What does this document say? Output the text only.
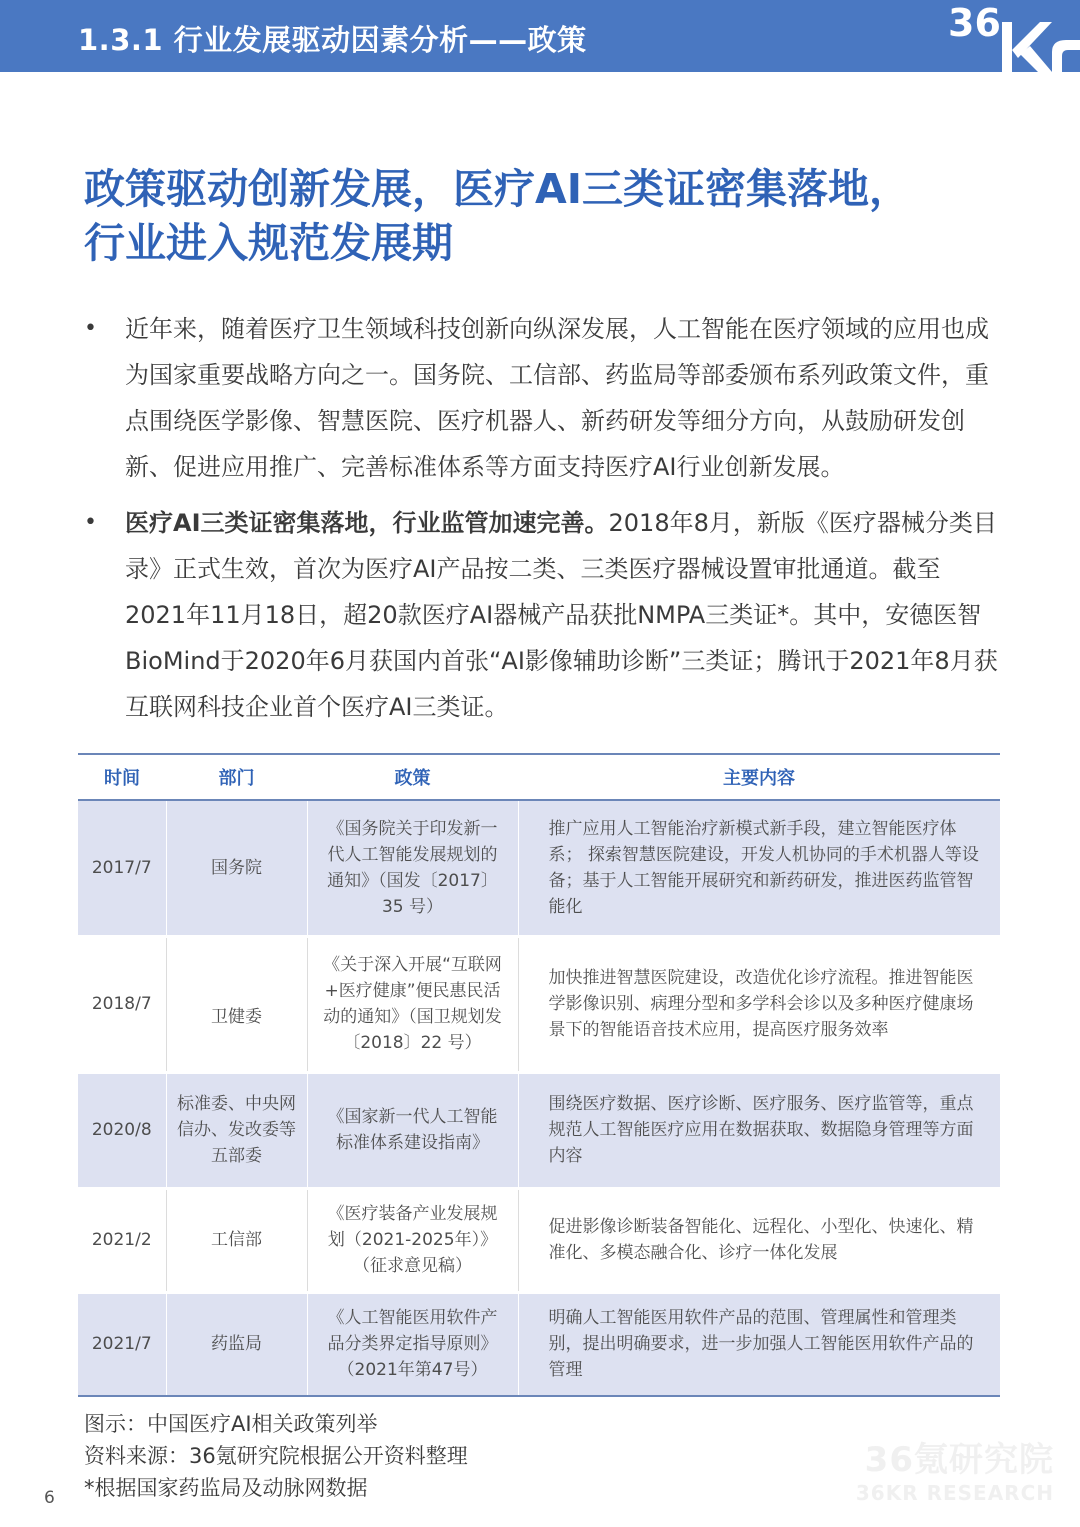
1.3.1 行业发展驱动因素分析——政策	36
政策驱动创新发展，医疗AI三类证密集落地，
行业进入规范发展期
• 近年来，随着医疗卫生领域科技创新向纵深发展，人工智能在医疗领域的应用也成为国家重要战略方向之一。国务院、工信部、药监局等部委颁布系列政策文件，重点围绕医学影像、智慧医院、医疗机器人、新药研发等细分方向，从鼓励研发创新、促进应用推广、完善标准体系等方面支持医疗AI行业创新发展。
• 医疗AI三类证密集落地，行业监管加速完善。2018年8月，新版《医疗器械分类目录》正式生效，首次为医疗AI产品按二类、三类医疗器械设置审批通道。截至2021年11月18日，超20款医疗AI器械产品获批NMPA三类证*。其中，安德医智BioMind于2020年6月获国内首张“AI影像辅助诊断”三类证；腾讯于2021年8月获互联网科技企业首个医疗AI三类证。
时间	部门	政策	主要内容
2017/7	国务院	《国务院关于印发新一代人工智能发展规划的通知》（国发〔2017〕35 号）	推广应用人工智能治疗新模式新手段，建立智能医疗体系； 探索智慧医院建设，开发人机协同的手术机器人等设备；基于人工智能开展研究和新药研发，推进医药监管智能化
2018/7	卫健委	《关于深入开展“互联网+医疗健康”便民惠民活动的通知》（国卫规划发〔2018〕22 号）	加快推进智慧医院建设，改造优化诊疗流程。推进智能医学影像识别、病理分型和多学科会诊以及多种医疗健康场景下的智能语音技术应用，提高医疗服务效率
2020/8	标准委、中央网信办、发改委等五部委	《国家新一代人工智能标准体系建设指南》	围绕医疗数据、医疗诊断、医疗服务、医疗监管等，重点规范人工智能医疗应用在数据获取、数据隐身管理等方面内容
2021/2	工信部	《医疗装备产业发展规划（2021-2025年）》（征求意见稿）	促进影像诊断装备智能化、远程化、小型化、快速化、精准化、多模态融合化、诊疗一体化发展
2021/7	药监局	《人工智能医用软件产品分类界定指导原则》（2021年第47号）	明确人工智能医用软件产品的范围、管理属性和管理类别，提出明确要求，进一步加强人工智能医用软件产品的管理
图示：中国医疗AI相关政策列举
资料来源：36氪研究院根据公开资料整理
*根据国家药监局及动脉网数据
6
36氪研究院
36KR RESEARCH
